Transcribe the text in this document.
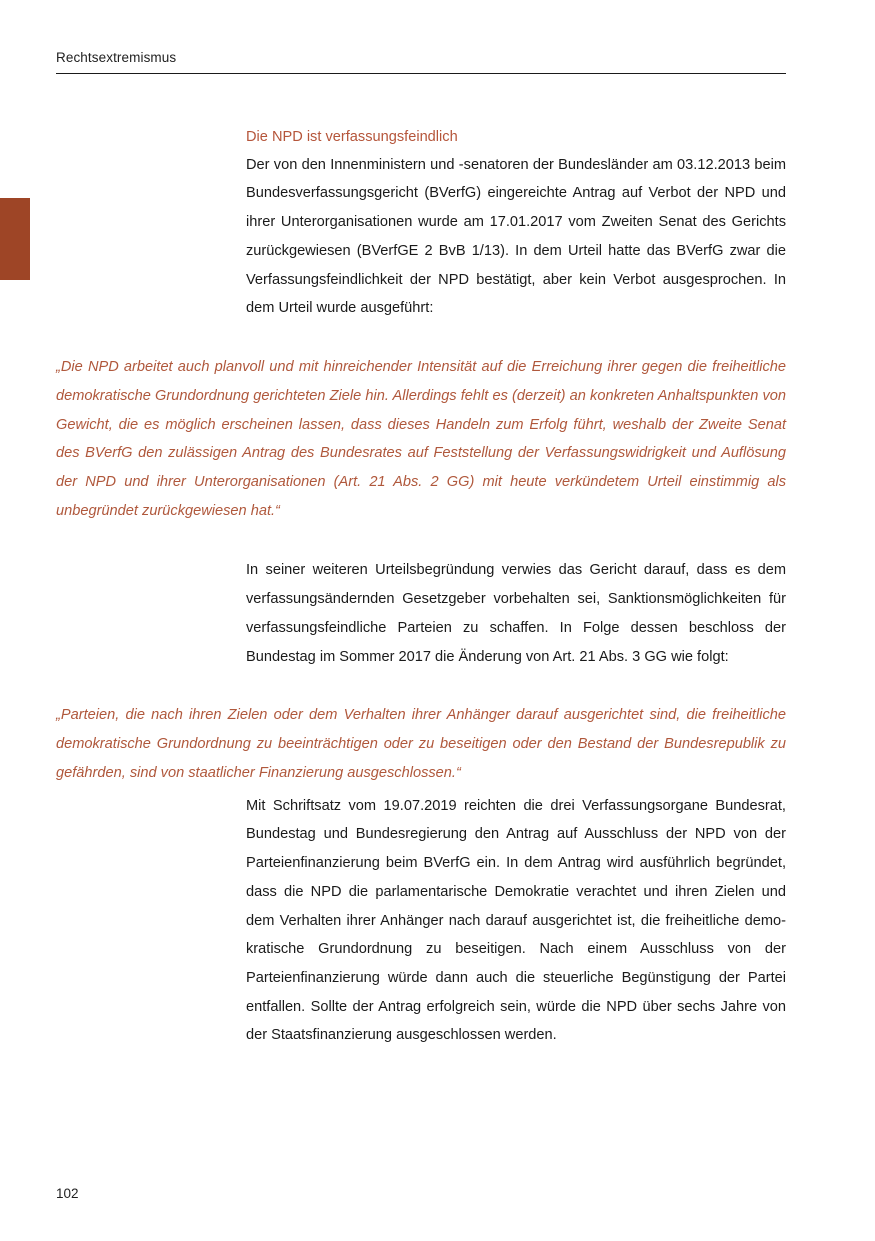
Rechtsextremismus
Die NPD ist verfassungsfeindlich

Der von den Innenministern und -senatoren der Bundesländer am 03.12.2013 beim Bundesverfassungsgericht (BVerfG) eingereichte Antrag auf Verbot der NPD und ihrer Unterorganisationen wurde am 17.01.2017 vom Zweiten Senat des Gerichts zurückgewiesen (BVerfGE 2 BvB 1/13). In dem Urteil hatte das BVerfG zwar die Verfassungsfeindlichkeit der NPD bestätigt, aber kein Verbot ausgesprochen. In dem Urteil wurde ausgeführt:

„Die NPD arbeitet auch planvoll und mit hinreichender Intensität auf die Erreichung ihrer gegen die freiheitliche demokratische Grundordnung gerichteten Ziele hin. Allerdings fehlt es (derzeit) an konkreten Anhaltspunkten von Gewicht, die es möglich erscheinen lassen, dass dieses Handeln zum Erfolg führt, weshalb der Zweite Senat des BVerfG den zulässigen Antrag des Bundesrates auf Feststellung der Verfassungswidrigkeit und Auflösung der NPD und ihrer Unterorganisationen (Art. 21 Abs. 2 GG) mit heute verkündetem Urteil einstimmig als unbegründet zurückgewiesen hat.“

In seiner weiteren Urteilsbegründung verwies das Gericht darauf, dass es dem verfassungsändernden Gesetzgeber vorbehalten sei, Sanktionsmöglichkeiten für verfassungsfeindliche Parteien zu schaffen. In Folge dessen beschloss der Bundestag im Sommer 2017 die Änderung von Art. 21 Abs. 3 GG wie folgt:

„Parteien, die nach ihren Zielen oder dem Verhalten ihrer Anhänger darauf ausgerichtet sind, die freiheitliche demokratische Grundordnung zu beeinträchtigen oder zu beseitigen oder den Bestand der Bundesrepublik zu gefährden, sind von staatlicher Finanzierung ausgeschlossen.“

Mit Schriftsatz vom 19.07.2019 reichten die drei Verfassungsorgane Bundesrat, Bundestag und Bundesregierung den Antrag auf Ausschluss der NPD von der Parteienfinanzierung beim BVerfG ein. In dem Antrag wird ausführlich begründet, dass die NPD die parlamentarische Demokratie verachtet und ihren Zielen und dem Verhalten ihrer Anhänger nach darauf ausgerichtet ist, die freiheitliche demokratische Grundordnung zu beseitigen. Nach einem Ausschluss von der Parteienfinanzierung würde dann auch die steuerliche Begünstigung der Partei entfallen. Sollte der Antrag erfolgreich sein, würde die NPD über sechs Jahre von der Staatsfinanzierung ausgeschlossen werden.

102
